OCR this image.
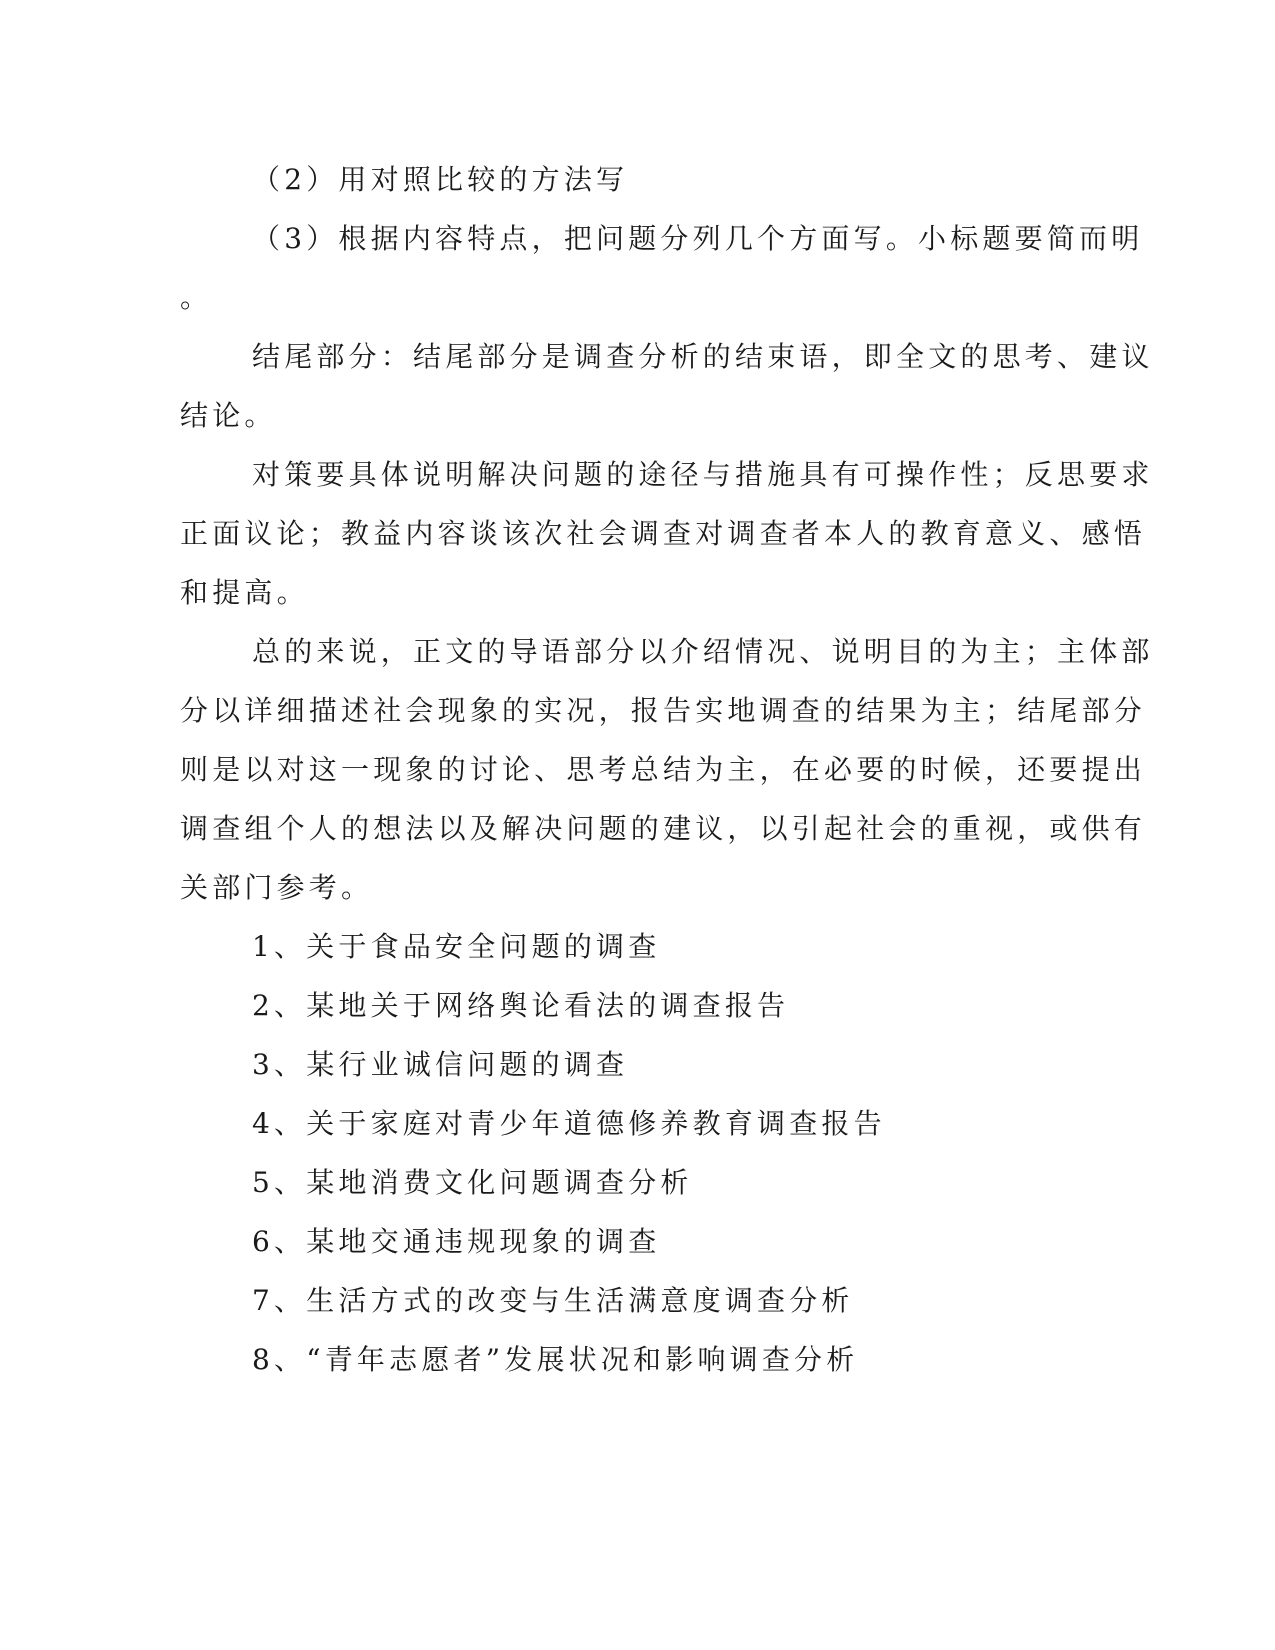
（2）用对照比较的方法写

（3）根据内容特点，把问题分列几个方面写。小标题要简而明

。

结尾部分：结尾部分是调查分析的结束语，即全文的思考、建议

结论。

对策要具体说明解决问题的途径与措施具有可操作性；反思要求

正面议论；教益内容谈该次社会调查对调查者本人的教育意义、感悟

和提高。

总的来说，正文的导语部分以介绍情况、说明目的为主；主体部

分以详细描述社会现象的实况，报告实地调查的结果为主；结尾部分

则是以对这一现象的讨论、思考总结为主，在必要的时候，还要提出

调查组个人的想法以及解决问题的建议，以引起社会的重视，或供有

关部门参考。

1、关于食品安全问题的调查

2、某地关于网络舆论看法的调查报告

3、某行业诚信问题的调查

4、关于家庭对青少年道德修养教育调查报告

5、某地消费文化问题调查分析

6、某地交通违规现象的调查

7、生活方式的改变与生活满意度调查分析

8、“青年志愿者”发展状况和影响调查分析
